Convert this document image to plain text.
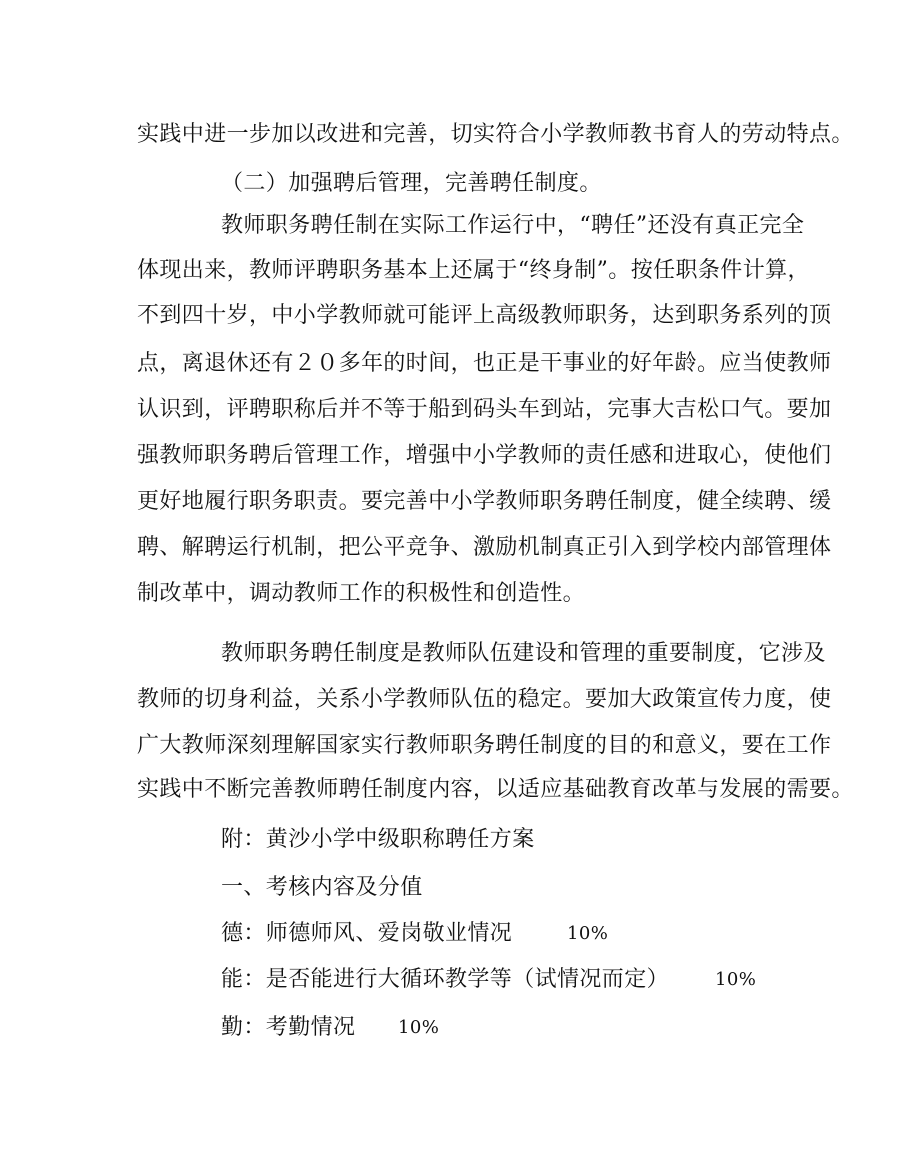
实践中进一步加以改进和完善，切实符合小学教师教书育人的劳动特点。
（二）加强聘后管理，完善聘任制度。
教师职务聘任制在实际工作运行中，“聘任”还没有真正完全
体现出来，教师评聘职务基本上还属于“终身制”。按任职条件计算，
不到四十岁，中小学教师就可能评上高级教师职务，达到职务系列的顶
点，离退休还有２０多年的时间，也正是干事业的好年龄。应当使教师
认识到，评聘职称后并不等于船到码头车到站，完事大吉松口气。要加
强教师职务聘后管理工作，增强中小学教师的责任感和进取心，使他们
更好地履行职务职责。要完善中小学教师职务聘任制度，健全续聘、缓
聘、解聘运行机制，把公平竞争、激励机制真正引入到学校内部管理体
制改革中，调动教师工作的积极性和创造性。
教师职务聘任制度是教师队伍建设和管理的重要制度，它涉及
教师的切身利益，关系小学教师队伍的稳定。要加大政策宣传力度，使
广大教师深刻理解国家实行教师职务聘任制度的目的和意义，要在工作
实践中不断完善教师聘任制度内容，以适应基础教育改革与发展的需要。
附：黄沙小学中级职称聘任方案
一、考核内容及分值
德：师德师风、爱岗敬业情况	10%
能：是否能进行大循环教学等（试情况而定）	10%
勤：考勤情况 10%
